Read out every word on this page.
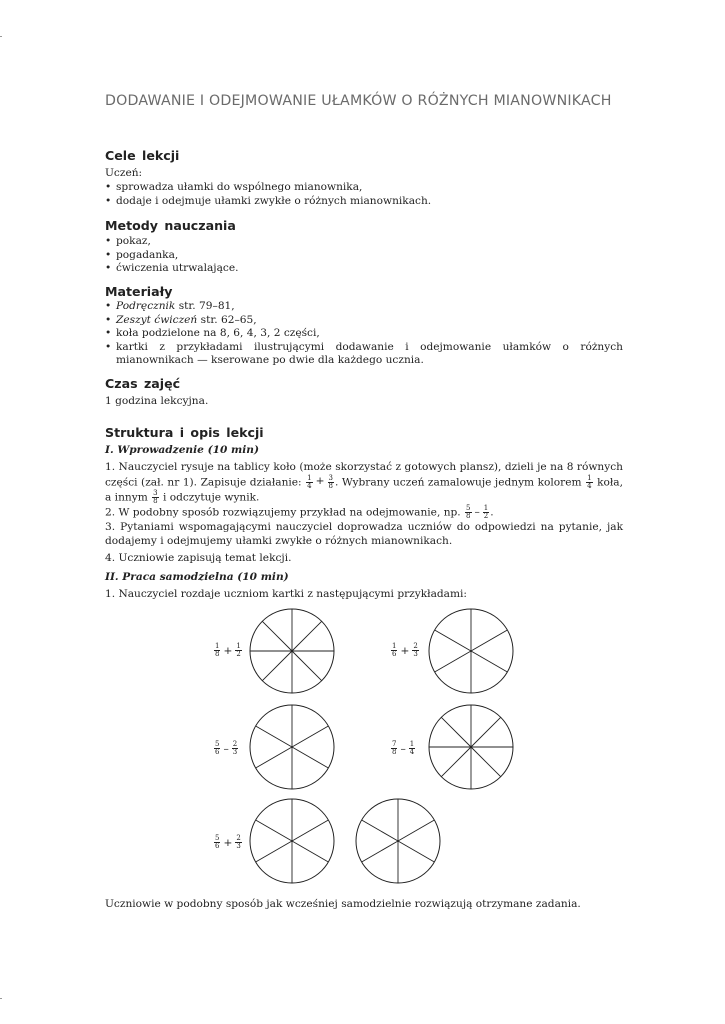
DODAWANIE I ODEJMOWANIE UŁAMKÓW O RÓŻNYCH MIANOWNIKACH
Cele lekcji
Uczeń:
• sprowadza ułamki do wspólnego mianownika,
• dodaje i odejmuje ułamki zwykłe o różnych mianownikach.
Metody nauczania
• pokaz,
• pogadanka,
• ćwiczenia utrwalające.
Materiały
• Podręcznik str. 79–81,
• Zeszyt ćwiczeń str. 62–65,
• koła podzielone na 8, 6, 4, 3, 2 części,
• kartki z przykładami ilustrującymi dodawanie i odejmowanie ułamków o różnych mianownikach — kserowane po dwie dla każdego ucznia.
Czas zajęć
1 godzina lekcyjna.
Struktura i opis lekcji
I. Wprowadzenie (10 min)
1. Nauczyciel rysuje na tablicy koło (może skorzystać z gotowych plansz), dzieli je na 8 równych części (zał. nr 1). Zapisuje działanie: $\frac{1}{4} + \frac{3}{8}$ . Wybrany uczeń zamalowuje jednym kolorem $\frac{1}{4}$ koła, a innym $\frac{3}{8}$ i odczytuje wynik.
2. W podobny sposób rozwiązujemy przykład na odejmowanie, np. $\frac{5}{8} - \frac{1}{2}$ .
3. Pytaniami wspomagającymi nauczyciel doprowadza uczniów do odpowiedzi na pytanie, jak dodajemy i odejmujemy ułamki zwykłe o różnych mianownikach.
4. Uczniowie zapisują temat lekcji.
II. Praca samodzielna (10 min)
1. Nauczyciel rozdaje uczniom kartki z następującymi przykładami:
$\frac{1}{8} + \frac{1}{2}$	$\frac{1}{6} + \frac{2}{3}$
$\frac{5}{6} - \frac{2}{3}$	$\frac{7}{8} - \frac{1}{4}$
$\frac{5}{6} + \frac{2}{3}$
Uczniowie w podobny sposób jak wcześniej samodzielnie rozwiązują otrzymane zadania.
